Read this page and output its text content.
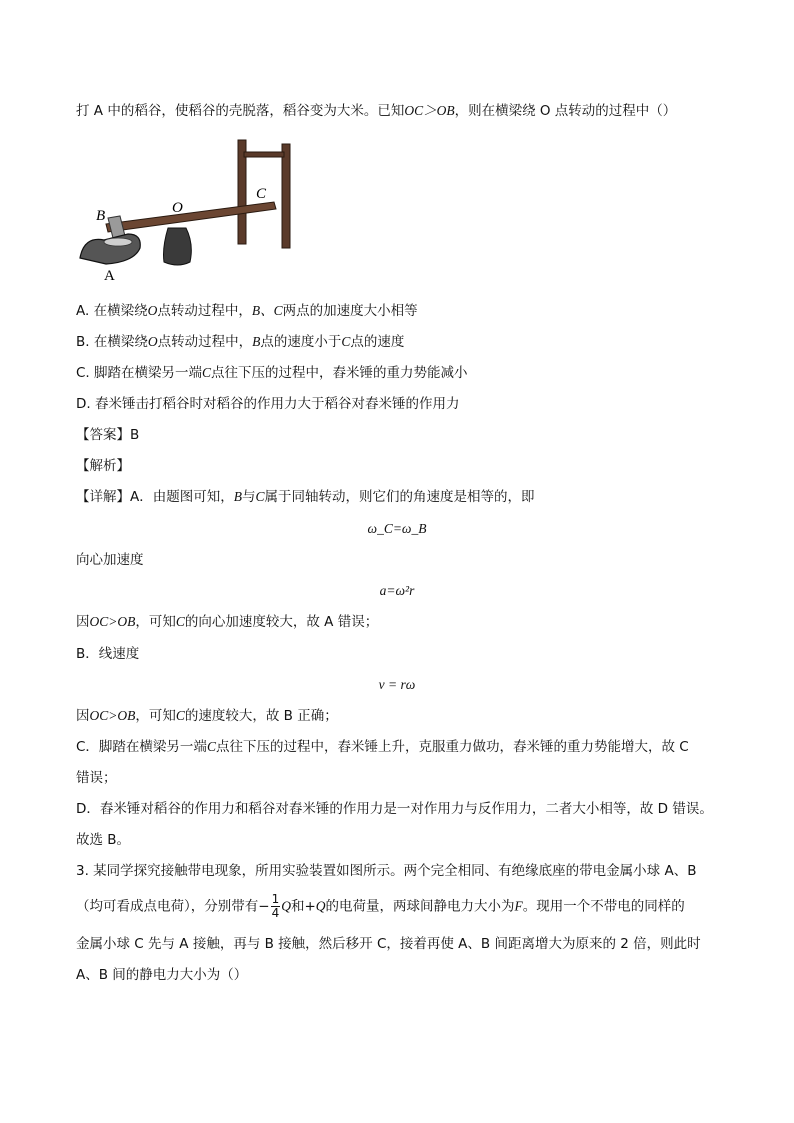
打 A 中的稻谷，使稻谷的壳脱落，稻谷变为大米。已知OC＞OB，则在横梁绕 O 点转动的过程中（）
B	O
C
A
A. 在横梁绕O点转动过程中，B、C两点的加速度大小相等
B. 在横梁绕O点转动过程中，B点的速度小于C点的速度
C. 脚踏在横梁另一端C点往下压的过程中，舂米锤的重力势能减小
D. 舂米锤击打稻谷时对稻谷的作用力大于稻谷对舂米锤的作用力
【答案】B
【解析】
【详解】A．由题图可知，B与C属于同轴转动，则它们的角速度是相等的，即
ω_C=ω_B
向心加速度
a=ω²r
因OC>OB，可知C的向心加速度较大，故 A 错误；
B．线速度
v = rω
因OC>OB，可知C的速度较大，故 B 正确；
C．脚踏在横梁另一端C点往下压的过程中，舂米锤上升，克服重力做功，舂米锤的重力势能增大，故 C
错误；
D．舂米锤对稻谷的作用力和稻谷对舂米锤的作用力是一对作用力与反作用力，二者大小相等，故 D 错误。
故选 B。
3. 某同学探究接触带电现象，所用实验装置如图所示。两个完全相同、有绝缘底座的带电金属小球 A、B
（均可看成点电荷），分别带有− $\frac{1}{4}$ Q和+Q的电荷量，两球间静电力大小为F。现用一个不带电的同样的
金属小球 C 先与 A 接触，再与 B 接触，然后移开 C，接着再使 A、B 间距离增大为原来的 2 倍，则此时
A、B 间的静电力大小为（）
